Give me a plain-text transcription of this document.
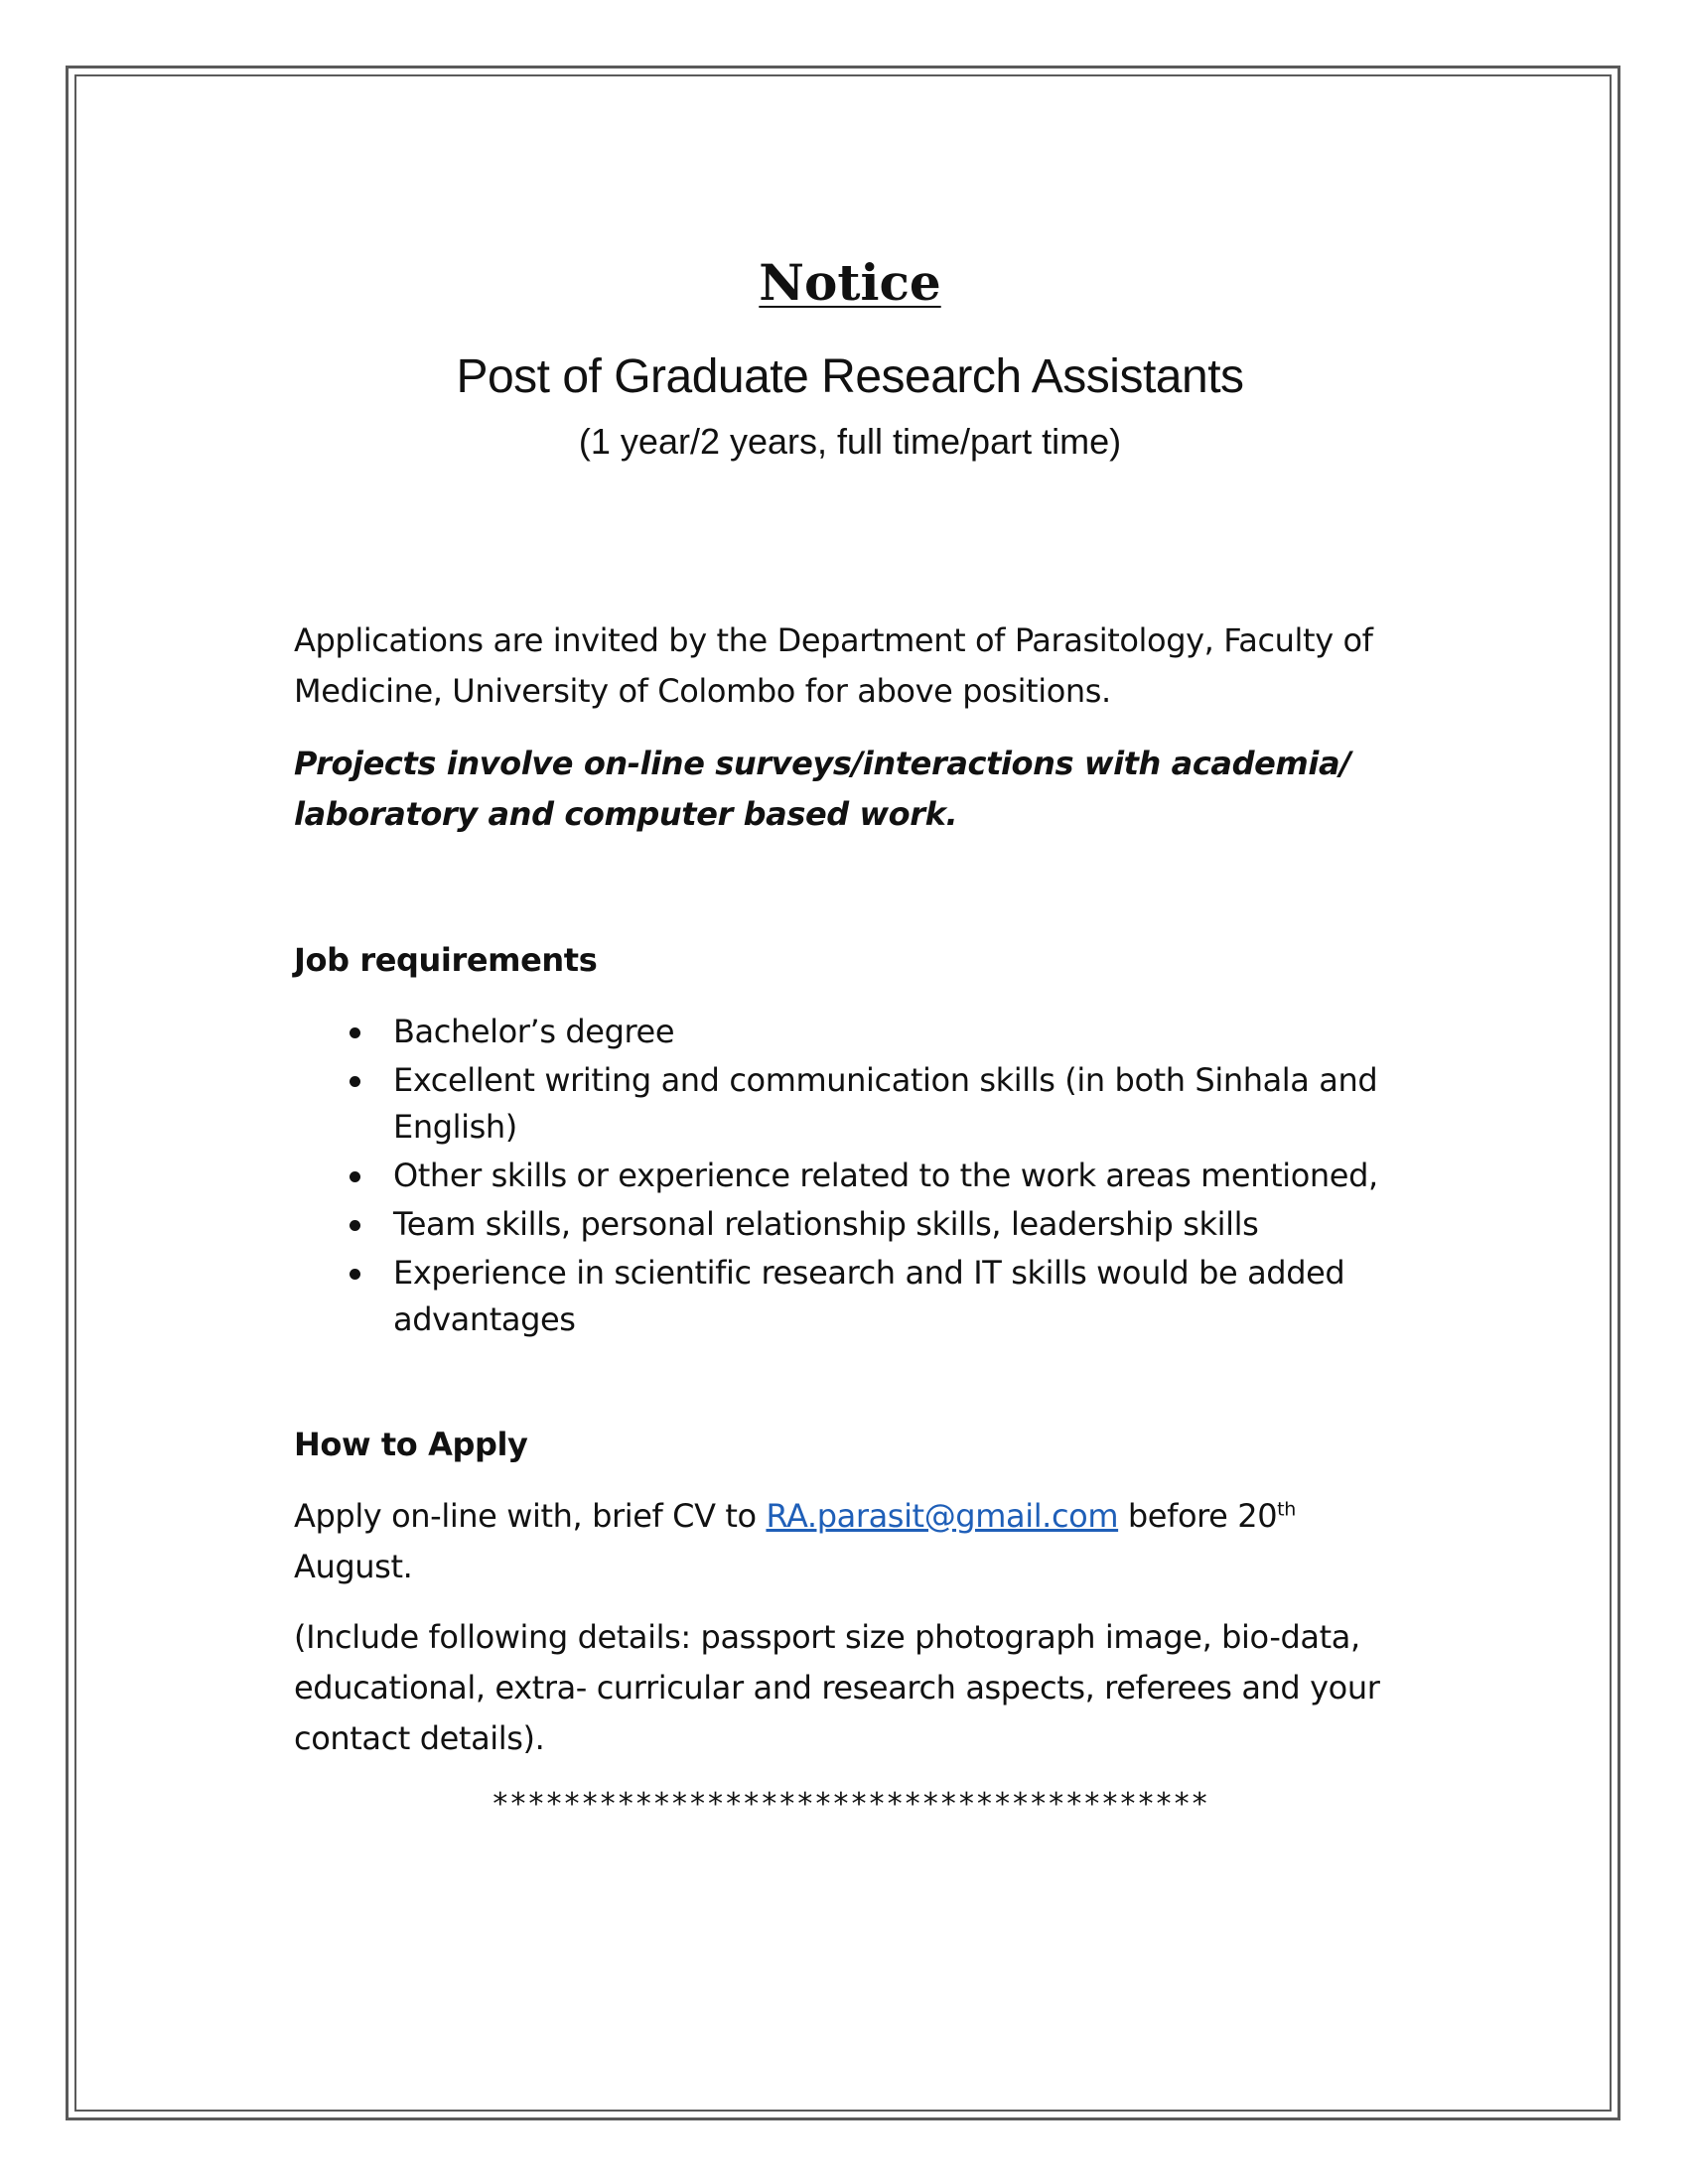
Notice
Post of Graduate Research Assistants
(1 year/2 years, full time/part time)

Applications are invited by the Department of Parasitology, Faculty of Medicine, University of Colombo for above positions.

Projects involve on-line surveys/interactions with academia/ laboratory and computer based work.

Job requirements
Bachelor’s degree
Excellent writing and communication skills (in both Sinhala and English)
Other skills or experience related to the work areas mentioned,
Team skills, personal relationship skills, leadership skills
Experience in scientific research and IT skills would be added advantages
How to Apply

Apply on-line with, brief CV to RA.parasit@gmail.com before 20th August.

(Include following details: passport size photograph image, bio-data, educational, extra- curricular and research aspects, referees and your contact details).

****************************************
